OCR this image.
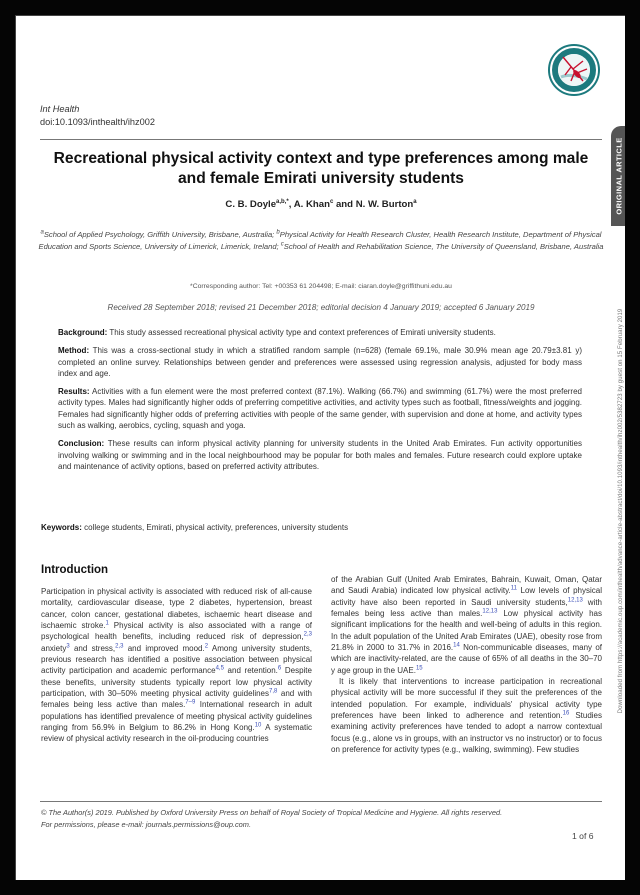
Int Health
doi:10.1093/inthealth/ihz002
ORIGINAL ARTICLE
Downloaded from https://academic.oup.com/inthealth/advance-article-abstract/doi/10.1093/inthealth/ihz002/5382723 by guest on 15 February 2019
Recreational physical activity context and type preferences among male and female Emirati university students
C. B. Doyle$^{a,b,*}$, A. Khan$^c$ and N. W. Burton$^a$
$^a$School of Applied Psychology, Griffith University, Brisbane, Australia; $^b$Physical Activity for Health Research Cluster, Health Research Institute, Department of Physical Education and Sports Science, University of Limerick, Limerick, Ireland; $^c$School of Health and Rehabilitation Science, The University of Queensland, Brisbane, Australia
*Corresponding author: Tel: +00353 61 204498; E-mail: ciaran.doyle@griffithuni.edu.au
Received 28 September 2018; revised 21 December 2018; editorial decision 4 January 2019; accepted 6 January 2019

Background: This study assessed recreational physical activity type and context preferences of Emirati university students.

Method: This was a cross-sectional study in which a stratified random sample (n=628) (female 69.1%, male 30.9% mean age 20.79±3.81 y) completed an online survey. Relationships between gender and preferences were assessed using regression analysis, adjusted for body mass index and age.

Results: Activities with a fun element were the most preferred context (87.1%). Walking (66.7%) and swimming (61.7%) were the most preferred activity types. Males had significantly higher odds of preferring competitive activities, and activity types such as football, fitness/weights and jogging. Females had significantly higher odds of preferring activities with people of the same gender, with supervision and done at home, and activity types such as walking, aerobics, cycling, squash and yoga.

Conclusion: These results can inform physical activity planning for university students in the United Arab Emirates. Fun activity opportunities involving walking or swimming and in the local neighbourhood may be popular for both males and females. Future research could explore uptake and maintenance of activity options, based on preferred activity attributes.

Keywords: college students, Emirati, physical activity, preferences, university students
Introduction

Participation in physical activity is associated with reduced risk of all-cause mortality, cardiovascular disease, type 2 diabetes, hypertension, breast cancer, colon cancer, gestational diabetes, ischaemic heart disease and ischaemic stroke.$^1$ Physical activity is also associated with a range of psychological health benefits, including reduced risk of depression,$^{2,3}$ anxiety$^3$ and stress,$^{2,3}$ and improved mood.$^2$ Among university students, previous research has identified a positive association between physical activity participation and academic performance$^{4,5}$ and retention.$^6$ Despite these benefits, university students typically report low physical activity participation, with 30–50% meeting physical activity guidelines$^{7,8}$ and with females being less active than males.$^{7-9}$ International research in adult populations has identified prevalence of meeting physical activity guidelines ranging from 56.9% in Belgium to 86.2% in Hong Kong.$^{10}$ A systematic review of physical activity research in the oil-producing countries

of the Arabian Gulf (United Arab Emirates, Bahrain, Kuwait, Oman, Qatar and Saudi Arabia) indicated low physical activity.$^{11}$ Low levels of physical activity have also been reported in Saudi university students,$^{12,13}$ with females being less active than males.$^{12,13}$ Low physical activity has significant implications for the health and well-being of adults in this region. In the adult population of the United Arab Emirates (UAE), obesity rose from 21.8% in 2000 to 31.7% in 2016.14 Non-communicable diseases, many of which are inactivity-related, are the cause of 65% of all deaths in the 30–70 y age group in the UAE.$^{15}$

It is likely that interventions to increase participation in recreational physical activity will be more successful if they suit the preferences of the intended population. For example, individuals' physical activity type preferences have been linked to adherence and retention.$^{16}$ Studies examining activity preferences have tended to adopt a narrow contextual focus (e.g., alone vs in groups, with an instructor vs no instructor) or to focus on preference for activity types (e.g., walking, swimming). Few studies

© The Author(s) 2019. Published by Oxford University Press on behalf of Royal Society of Tropical Medicine and Hygiene. All rights reserved.
For permissions, please e-mail: journals.permissions@oup.com.
1 of 6
